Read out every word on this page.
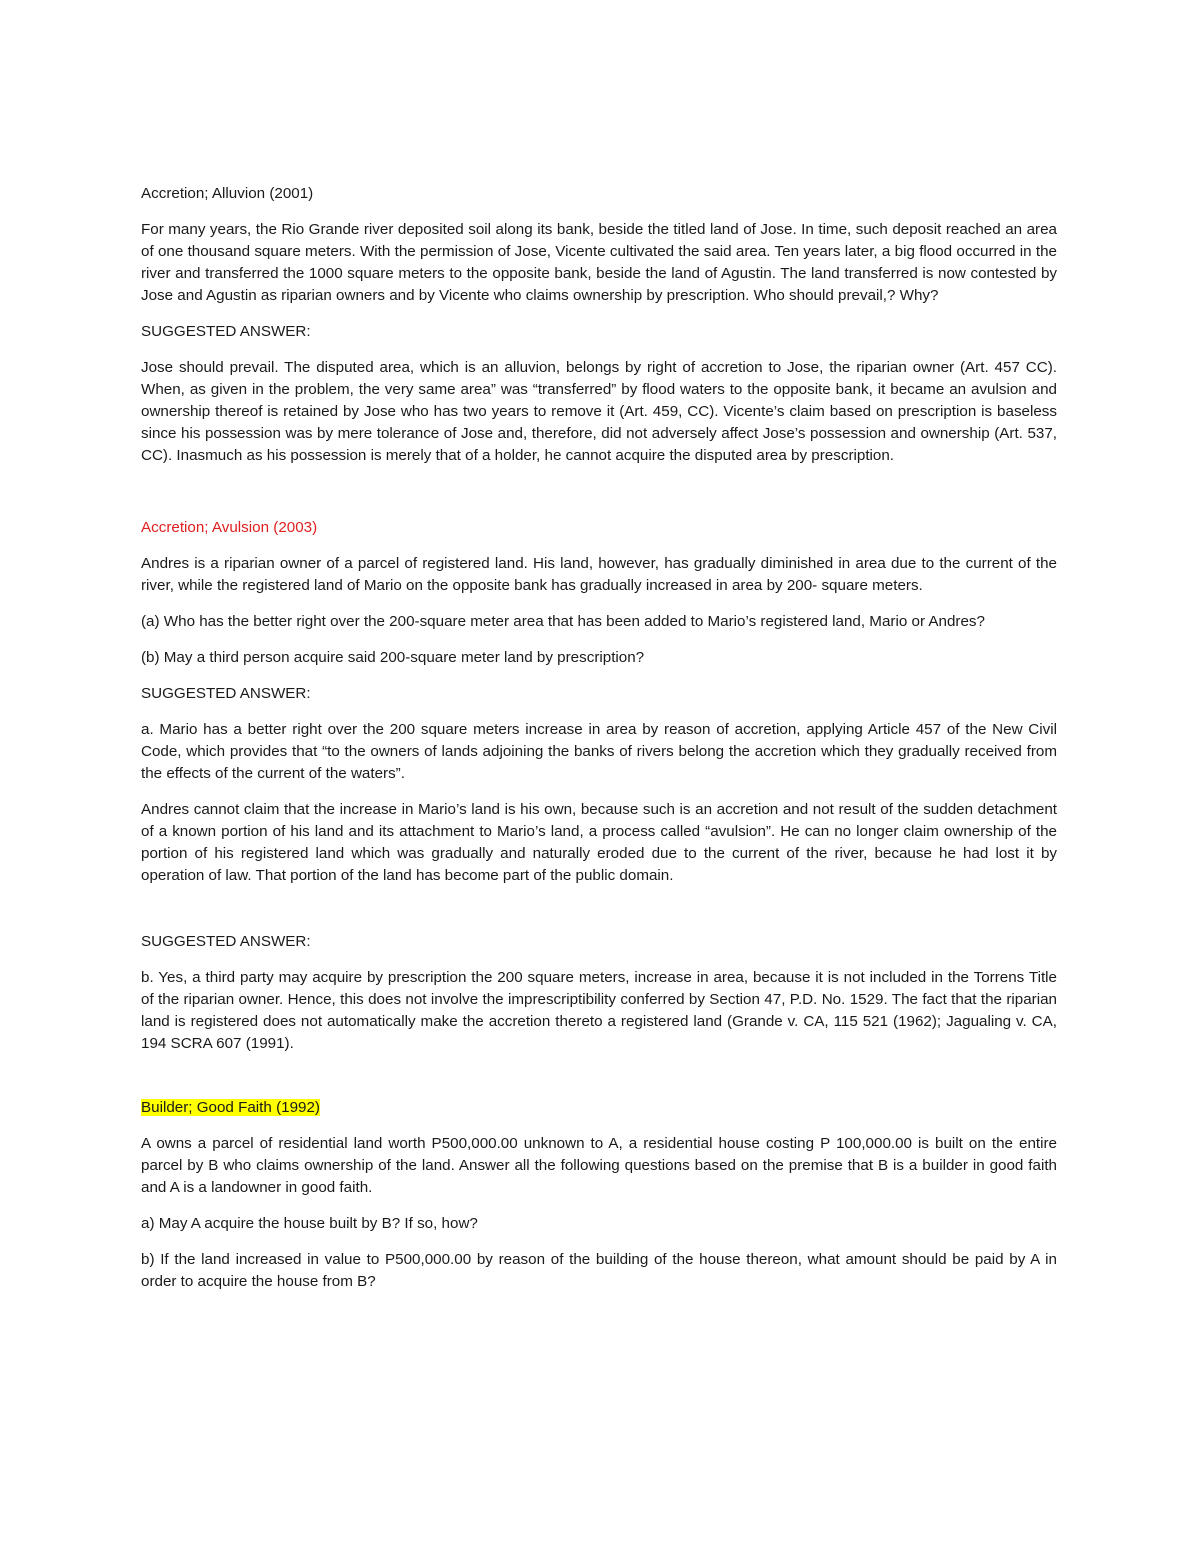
Accretion; Alluvion (2001)

For many years, the Rio Grande river deposited soil along its bank, beside the titled land of Jose. In time, such deposit reached an area of one thousand square meters. With the permission of Jose, Vicente cultivated the said area. Ten years later, a big flood occurred in the river and transferred the 1000 square meters to the opposite bank, beside the land of Agustin. The land transferred is now contested by Jose and Agustin as riparian owners and by Vicente who claims ownership by prescription. Who should prevail,? Why?

SUGGESTED ANSWER:

Jose should prevail. The disputed area, which is an alluvion, belongs by right of accretion to Jose, the riparian owner (Art. 457 CC). When, as given in the problem, the very same area” was “transferred” by flood waters to the opposite bank, it became an avulsion and ownership thereof is retained by Jose who has two years to remove it (Art. 459, CC). Vicente’s claim based on prescription is baseless since his possession was by mere tolerance of Jose and, therefore, did not adversely affect Jose’s possession and ownership (Art. 537, CC). Inasmuch as his possession is merely that of a holder, he cannot acquire the disputed area by prescription.

Accretion; Avulsion (2003)

Andres is a riparian owner of a parcel of registered land. His land, however, has gradually diminished in area due to the current of the river, while the registered land of Mario on the opposite bank has gradually increased in area by 200- square meters.

(a) Who has the better right over the 200-square meter area that has been added to Mario’s registered land, Mario or Andres?

(b) May a third person acquire said 200-square meter land by prescription?

SUGGESTED ANSWER:

a. Mario has a better right over the 200 square meters increase in area by reason of accretion, applying Article 457 of the New Civil Code, which provides that “to the owners of lands adjoining the banks of rivers belong the accretion which they gradually received from the effects of the current of the waters”.

Andres cannot claim that the increase in Mario’s land is his own, because such is an accretion and not result of the sudden detachment of a known portion of his land and its attachment to Mario’s land, a process called “avulsion”. He can no longer claim ownership of the portion of his registered land which was gradually and naturally eroded due to the current of the river, because he had lost it by operation of law. That portion of the land has become part of the public domain.

SUGGESTED ANSWER:

b. Yes, a third party may acquire by prescription the 200 square meters, increase in area, because it is not included in the Torrens Title of the riparian owner. Hence, this does not involve the imprescriptibility conferred by Section 47, P.D. No. 1529. The fact that the riparian land is registered does not automatically make the accretion thereto a registered land (Grande v. CA, 115 521 (1962); Jagualing v. CA, 194 SCRA 607 (1991).

Builder; Good Faith (1992)

A owns a parcel of residential land worth P500,000.00 unknown to A, a residential house costing P 100,000.00 is built on the entire parcel by B who claims ownership of the land. Answer all the following questions based on the premise that B is a builder in good faith and A is a landowner in good faith.

a) May A acquire the house built by B? If so, how?

b) If the land increased in value to P500,000.00 by reason of the building of the house thereon, what amount should be paid by A in order to acquire the house from B?
